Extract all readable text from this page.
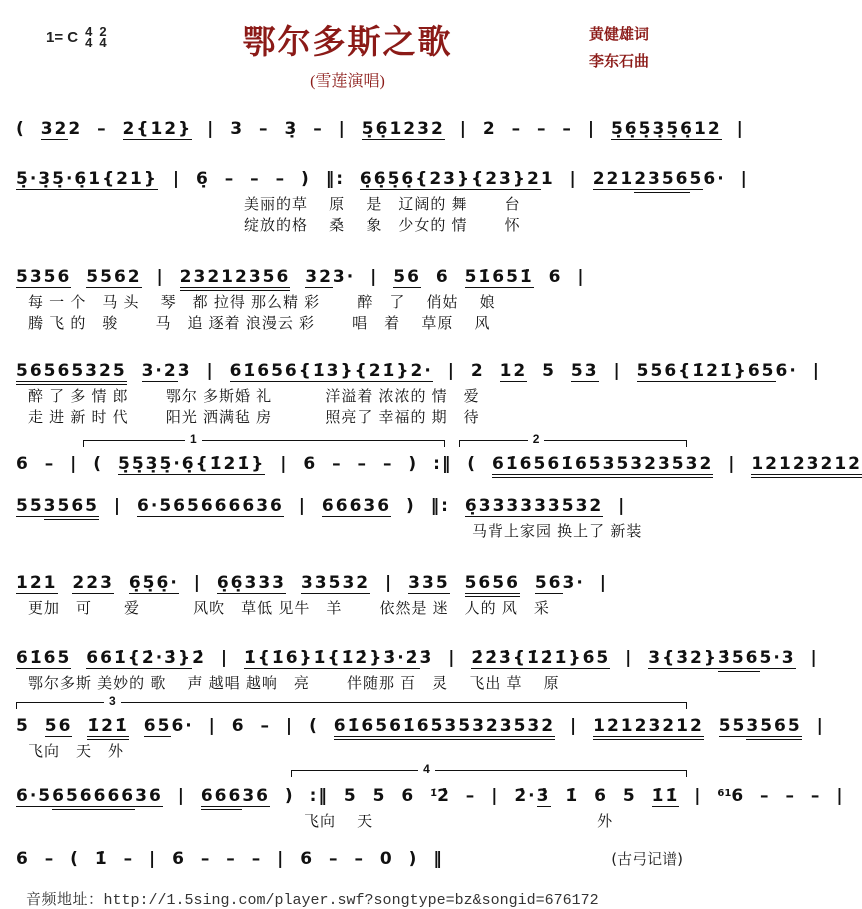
1= C 4
4
2
4	鄂尔多斯之歌
(雪莲演唱)
黄健雄词
李东石曲
( 322 – 2{12} | 3 – 3̣ – | 5̣6̣1232 | 2 – – – | 5̣6̣5̣3̣5̣6̣12 |
5̣·3̣5̣·6̣1{21} | 6̣ – – – ) ‖: 6̣6̣5̣6̣{23}{23}21 | 221235656· |
美丽的草　 原　 是　辽阔的 舞　　 台
绽放的格　 桑　 象　少女的 情　　 怀
5356 5562 | 23212356 323· | 56 6 51̇651̇ 6 |
每 一 个　马 头　 琴　都 拉得 那么精 彩　　 醉　了　 俏姑　 娘
腾 飞 的　骏　　 马　追 逐着 浪漫云 彩　　 唱　着　 草原　 风
56565325 3·23 | 61̇656{1̇3}{21̇}2· | 2 12 5 53 | 556{1̇21̇}656· |
醉 了 多 情 郎　　 鄂尔 多斯婚 礼　　　 洋溢着 浓浓的 情　爱
走 进 新 时 代　　 阳光 洒满毡 房　　　 照亮了 幸福的 期　待
1	2
6 – | ( 5̣5̣3̣5̣·6̣{1̇21̇} | 6 – – – ) :‖ ( 61̇6561̇6535323532 | 12123212
553565 | 6·565666636 | 66636 ) ‖: 6̣333333532 |
马背上家园 换上了 新装
121 223 6̣5̣6̣· | 6̣6̣333 33532 | 335 5656 563· |
更加　可　　爱　　　 风吹　草低 见牛　羊　　 依然是 迷　人的 风　采
61̇65 661̇{2̇·3̇}2̇ | 1̇{1̇6}1̇{1̇2̇}3̇·2̇3̇ | 2̇2̇3̇{1̇2̇1̇}6̇5 | 3{3̇2}3̇565·3 |
鄂尔多斯 美妙的 歌　 声 越唱 越响　亮　　 伴随那 百　灵　 飞出 草　 原
3
5 56 1̇21̇ 656· | 6 – | ( 61̇6561̇6535323532 | 12123212 553565 |
飞向　天　外
4
6·565666636 | 66636 ) :‖ 5 5 6 $^{1̇}$2̇ – | 2̇·3̇ 1̇ 6 5 1̇1̇ | $^{61}$6 – – – |
飞向　 天　　　　　　　　　　　　　　外
6 – ( 1̇ – | 6 – – – | 6 – – 0 ) ‖	(古弓记谱)
音频地址：http://1.5sing.com/player.swf?songtype=bz&songid=676172
